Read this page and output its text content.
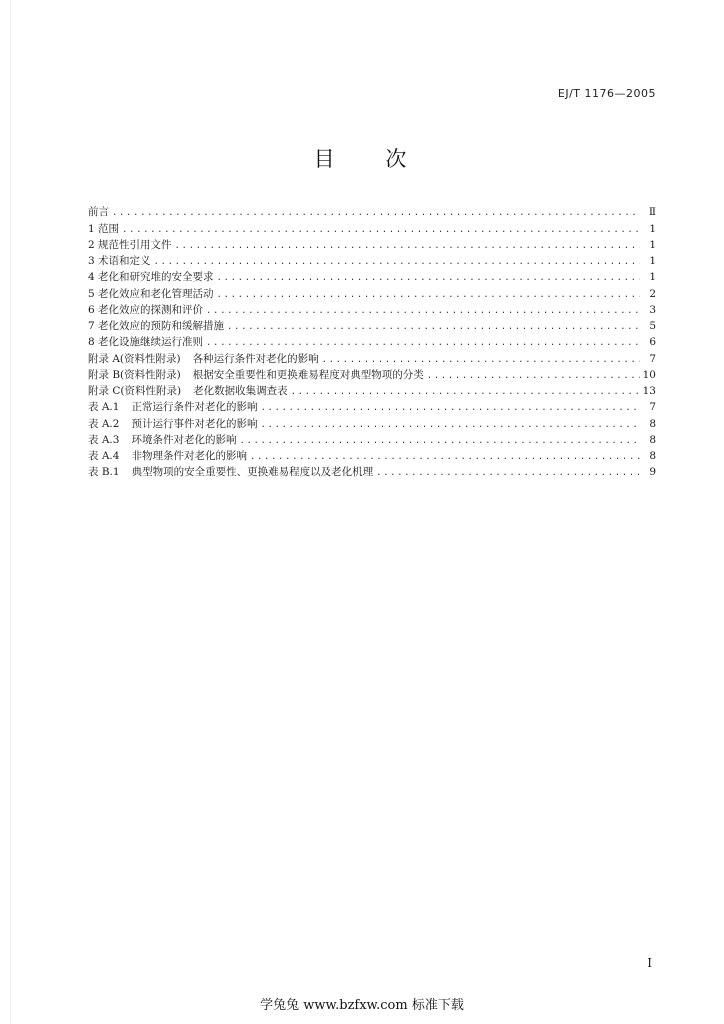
EJ/T 1176—2005
目 次
前言 .....	Ⅱ
1 范围 .....	1
2 规范性引用文件 .....	1
3 术语和定义 .....	1
4 老化和研究堆的安全要求 .....	1
5 老化效应和老化管理活动 .....	2
6 老化效应的探测和评价 .....	3
7 老化效应的预防和缓解措施 .....	5
8 老化设施继续运行准则 .....	6
附录 A(资料性附录) 各种运行条件对老化的影响 .....	7
附录 B(资料性附录) 根据安全重要性和更换难易程度对典型物项的分类 .....	10
附录 C(资料性附录) 老化数据收集调查表 .....	13
表 A.1 正常运行条件对老化的影响 .....	7
表 A.2 预计运行事件对老化的影响 .....	8
表 A.3 环境条件对老化的影响 .....	8
表 A.4 非物理条件对老化的影响 .....	8
表 B.1 典型物项的安全重要性、更换难易程度以及老化机理 .....	9
I
学兔兔 www.bzfxw.com 标准下载
